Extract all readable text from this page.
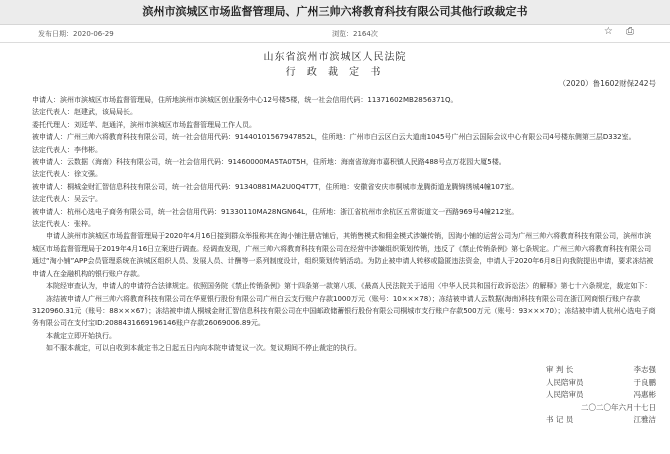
滨州市滨城区市场监督管理局、广州三帅六将教育科技有限公司其他行政裁定书
发布日期：2020-06-29	浏览：2164次	☆ ⎙
山东省滨州市滨城区人民法院
行 政 裁 定 书
（2020）鲁1602财保242号

申请人：滨州市滨城区市场监督管理局，住所地滨州市滨城区创业服务中心12号楼5楼，统一社会信用代码：11371602MB2856371Q。

法定代表人：赵建武，该局局长。

委托代理人：刘廷苹、赵通洋，滨州市滨城区市场监督管理局工作人员。

被申请人：广州三帅六将教育科技有限公司，统一社会信用代码：91440101567947852L，住所地：广州市白云区白云大道南1045号广州白云国际会议中心有限公司4号楼东侧第三层D332室。

法定代表人：李伟彬。

被申请人：云数据（海南）科技有限公司，统一社会信用代码：91460000MA5TA0T5H，住所地：海南省琼海市嘉积镇人民路488号点万花园大厦5楼。

法定代表人：徐文强。

被申请人：桐城金财汇智信息科技有限公司，统一社会信用代码：91340881MA2U0Q4T7T，住所地：安徽省安庆市桐城市龙腾街道龙腾锦绣城4幢107室。

法定代表人：吴云宁。

被申请人：杭州心选电子商务有限公司，统一社会信用代码：91330110MA28NGN64L，住所地：浙江省杭州市余杭区五常街道文一西路969号4幢212室。

法定代表人：张梓。

申请人滨州市滨城区市场监督管理局于2020年4月16日接到群众举报称其在淘小铺注册店铺后，其销售模式和佣金模式涉嫌传销，因淘小铺的运营公司为广州三帅六将教育科技有限公司，滨州市滨城区市场监督管理局于2019年4月16日立案进行调查。经调查发现，广州三帅六将教育科技有限公司在经营中涉嫌组织策划传销，违反了《禁止传销条例》第七条规定。广州三帅六将教育科技有限公司通过“淘小铺”APP会员管理系统在滨城区组织人员、发展人员、计酬等一系列制度设计，组织策划传销活动。为防止被申请人转移或隐匿违法资金，申请人于2020年6月8日向我院提出申请，要求冻结被申请人在金融机构的银行账户存款。

本院经审查认为，申请人的申请符合法律规定。依照国务院《禁止传销条例》第十四条第一款第八项、《最高人民法院关于适用〈中华人民共和国行政诉讼法〉的解释》第七十六条规定，裁定如下：

冻结被申请人广州三帅六将教育科技有限公司在华夏银行股份有限公司广州白云支行账户存款1000万元（账号：10×××78）；冻结被申请人云数据(海南)科技有限公司在浙江网商银行账户存款3120960.31元（账号：88×××67）；冻结被申请人桐城金财汇智信息科技有限公司在中国邮政储蓄银行股份有限公司桐城市支行账户存款500万元（账号：93×××70）；冻结被申请人杭州心选电子商务有限公司在支付宝ID:2088431669196146账户存款26069006.89元。

本裁定立即开始执行。

如不服本裁定，可以自收到本裁定书之日起五日内向本院申请复议一次。复议期间不停止裁定的执行。

审 判 长	李志强
人民陪审员	于良鹏
人民陪审员	冯惠彬
二〇二〇年六月十七日
书 记 员	江雅洁
